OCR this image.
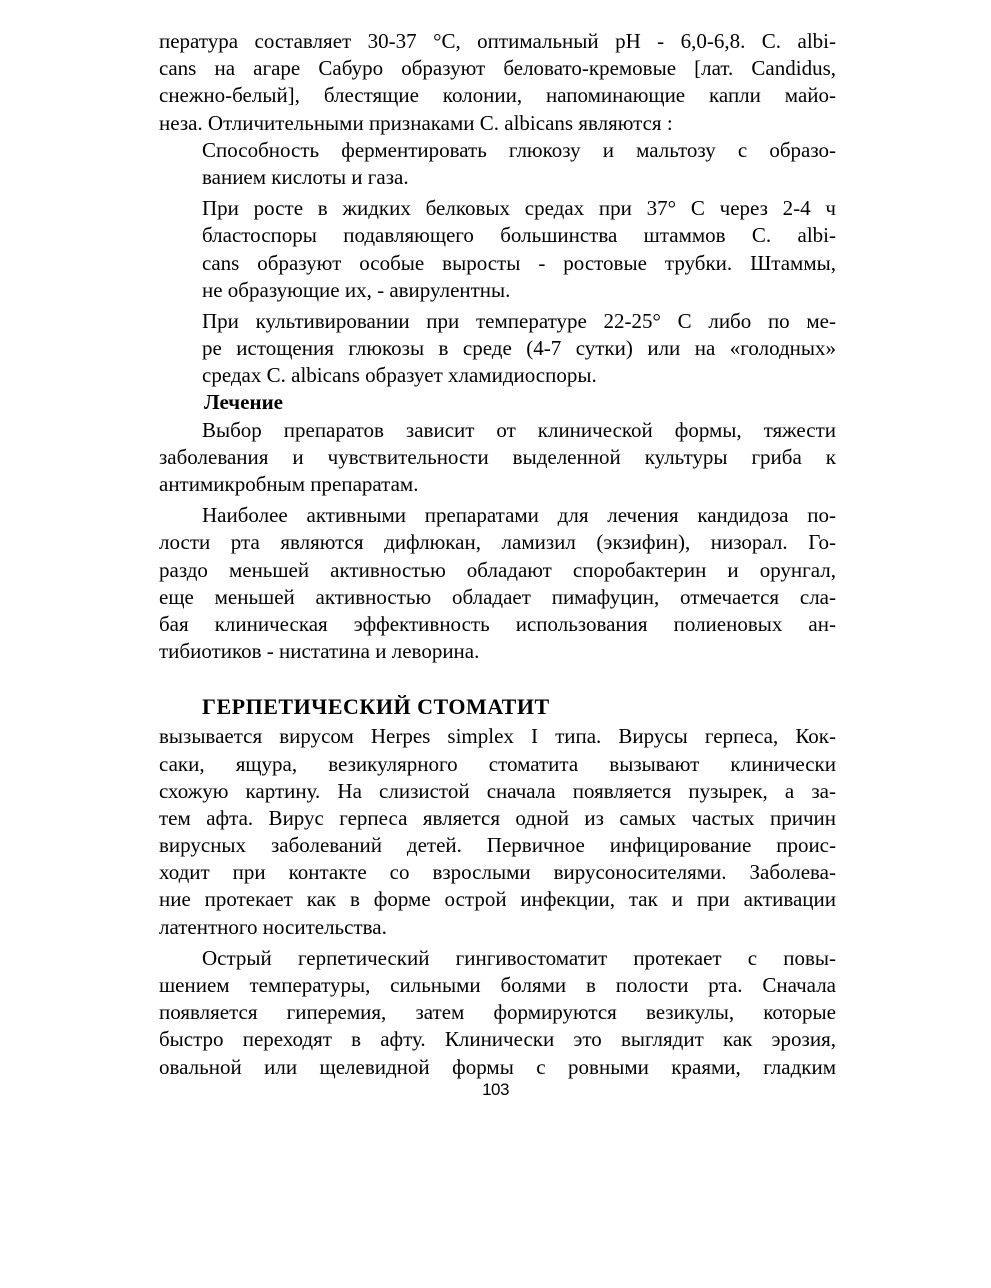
пература составляет 30-37 °С, оптимальный рН - 6,0-6,8. С. albi-
cans на агаре Сабуро образуют беловато-кремовые [лат. Candidus,
снежно-белый], блестящие колонии, напоминающие капли майо-
неза. Отличительными признаками С. albicans являются :
Способность ферментировать глюкозу и мальтозу с образо-
ванием кислоты и газа.
При росте в жидких белковых средах при 37° С через 2-4 ч
бластоспоры подавляющего большинства штаммов С. albi-
cans образуют особые выросты - ростовые трубки. Штаммы,
не образующие их, - авирулентны.
При культивировании при температуре 22-25° С либо по ме-
ре истощения глюкозы в среде (4-7 сутки) или на «голодных»
средах С. albicans образует хламидиоспоры.
Лечение
Выбор препаратов зависит от клинической формы, тяжести
заболевания и чувствительности выделенной культуры гриба к
антимикробным препаратам.
Наиболее активными препаратами для лечения кандидоза по-
лости рта являются дифлюкан, ламизил (экзифин), низорал. Го-
раздо меньшей активностью обладают споробактерин и орунгал,
еще меньшей активностью обладает пимафуцин, отмечается сла-
бая клиническая эффективность использования полиеновых ан-
тибиотиков - нистатина и леворина.
ГЕРПЕТИЧЕСКИЙ СТОМАТИТ
вызывается вирусом Herpes simplex I типа. Вирусы герпеса, Кок-
саки, ящура, везикулярного стоматита вызывают клинически
схожую картину. На слизистой сначала появляется пузырек, а за-
тем афта. Вирус герпеса является одной из самых частых причин
вирусных заболеваний детей. Первичное инфицирование проис-
ходит при контакте со взрослыми вирусоносителями. Заболева-
ние протекает как в форме острой инфекции, так и при активации
латентного носительства.
Острый герпетический гингивостоматит протекает с повы-
шением температуры, сильными болями в полости рта. Сначала
появляется гиперемия, затем формируются везикулы, которые
быстро переходят в афту. Клинически это выглядит как эрозия,
овальной или щелевидной формы с ровными краями, гладким
103
